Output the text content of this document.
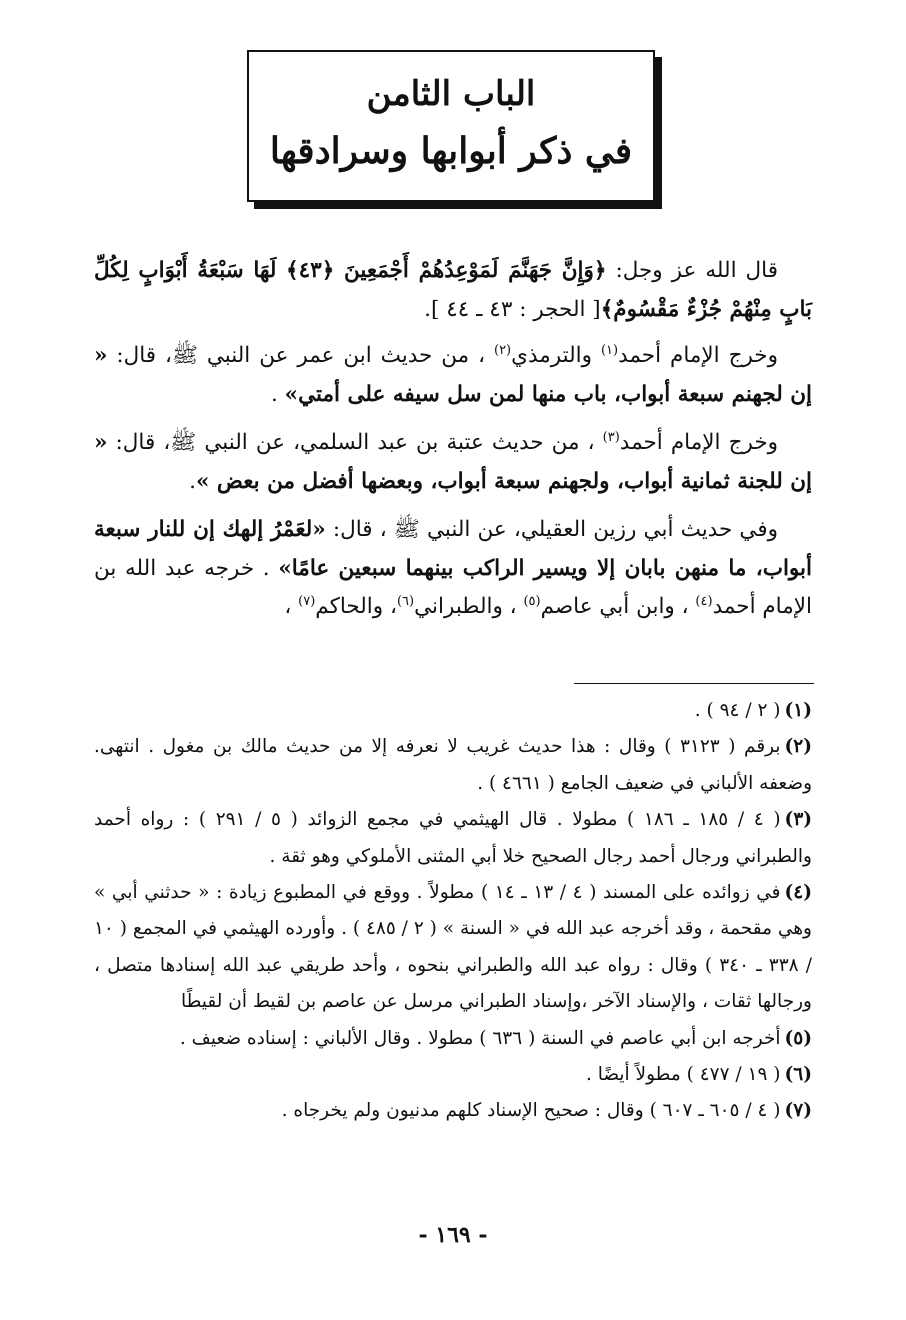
الباب الثامن
في ذكر أبوابها وسرادقها

قال الله عز وجل: ﴿وَإِنَّ جَهَنَّمَ لَمَوْعِدُهُمْ أَجْمَعِينَ ﴿٤٣﴾ لَهَا سَبْعَةُ أَبْوَابٍ لِكُلِّ بَابٍ مِنْهُمْ جُزْءٌ مَقْسُومٌ﴾[ الحجر : ٤٣ ـ ٤٤ ].

وخرج الإمام أحمد$^{(١)}$ والترمذي$^{(٢)}$ ، من حديث ابن عمر عن النبي ﷺ، قال: « إن لجهنم سبعة أبواب، باب منها لمن سل سيفه على أمتي» .

وخرج الإمام أحمد$^{(٣)}$ ، من حديث عتبة بن عبد السلمي، عن النبي ﷺ، قال: « إن للجنة ثمانية أبواب، ولجهنم سبعة أبواب، وبعضها أفضل من بعض ».

وفي حديث أبي رزين العقيلي، عن النبي ﷺ ، قال: «لعَمْرُ إلهك إن للنار سبعة أبواب، ما منهن بابان إلا ويسير الراكب بينهما سبعين عامًا» . خرجه عبد الله بن الإمام أحمد$^{(٤)}$ ، وابن أبي عاصم$^{(٥)}$ ، والطبراني$^{(٦)}$، والحاكم$^{(٧)}$ ،

(١)( ٢ / ٩٤ ) .

(٢)برقم ( ٣١٢٣ ) وقال : هذا حديث غريب لا نعرفه إلا من حديث مالك بن مغول . انتهى. وضعفه الألباني في ضعيف الجامع ( ٤٦٦١ ) .

(٣)( ٤ / ١٨٥ ـ ١٨٦ ) مطولا . قال الهيثمي في مجمع الزوائد ( ٥ / ٢٩١ ) : رواه أحمد والطبراني ورجال أحمد رجال الصحيح خلا أبي المثنى الأملوكي وهو ثقة .

(٤)في زوائده على المسند ( ٤ / ١٣ ـ ١٤ ) مطولاً . ووقع في المطبوع زيادة : « حدثني أبي » وهي مقحمة ، وقد أخرجه عبد الله في « السنة » ( ٢ / ٤٨٥ ) . وأورده الهيثمي في المجمع ( ١٠ / ٣٣٨ ـ ٣٤٠ ) وقال : رواه عبد الله والطبراني بنحوه ، وأحد طريقي عبد الله إسنادها متصل ، ورجالها ثقات ، والإسناد الآخر ،وإسناد الطبراني مرسل عن عاصم بن لقيط أن لقيطًا

(٥)أخرجه ابن أبي عاصم في السنة ( ٦٣٦ ) مطولا . وقال الألباني : إسناده ضعيف .

(٦)( ١٩ / ٤٧٧ ) مطولاً أيضًا .

(٧)( ٤ / ٦٠٥ ـ ٦٠٧ ) وقال : صحيح الإسناد كلهم مدنيون ولم يخرجاه .

- ١٦٩ -
